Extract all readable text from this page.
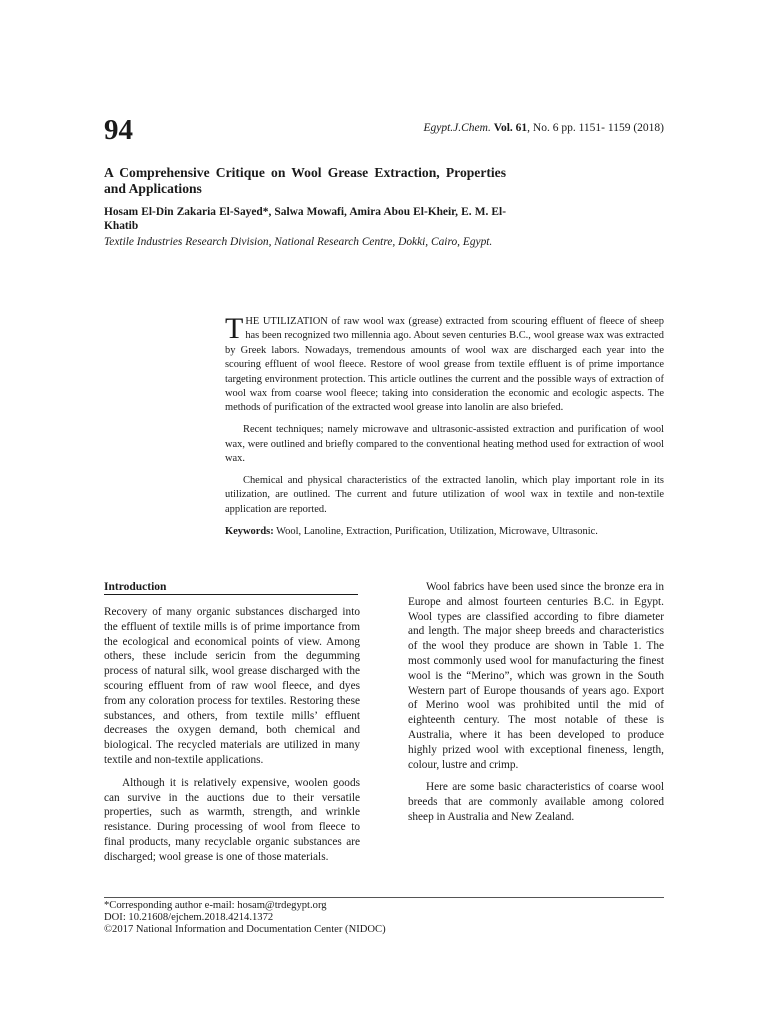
94	Egypt.J.Chem. Vol. 61, No. 6 pp. 1151- 1159 (2018)
A Comprehensive Critique on Wool Grease Extraction, Properties and Applications
Hosam El-Din Zakaria El-Sayed*, Salwa Mowafi, Amira Abou El-Kheir, E. M. El-Khatib
Textile Industries Research Division, National Research Centre, Dokki, Cairo, Egypt.

THE UTILIZATION of raw wool wax (grease) extracted from scouring effluent of fleece of sheep has been recognized two millennia ago. About seven centuries B.C., wool grease wax was extracted by Greek labors. Nowadays, tremendous amounts of wool wax are discharged each year into the scouring effluent of wool fleece. Restore of wool grease from textile effluent is of prime importance targeting environment protection. This article outlines the current and the possible ways of extraction of wool wax from coarse wool fleece; taking into consideration the economic and ecologic aspects. The methods of purification of the extracted wool grease into lanolin are also briefed.

Recent techniques; namely microwave and ultrasonic-assisted extraction and purification of wool wax, were outlined and briefly compared to the conventional heating method used for extraction of wool wax.

Chemical and physical characteristics of the extracted lanolin, which play important role in its utilization, are outlined. The current and future utilization of wool wax in textile and non-textile application are reported.

Keywords: Wool, Lanoline, Extraction, Purification, Utilization, Microwave, Ultrasonic.

Introduction

Recovery of many organic substances discharged into the effluent of textile mills is of prime importance from the ecological and economical points of view. Among others, these include sericin from the degumming process of natural silk, wool grease discharged with the scouring effluent from of raw wool fleece, and dyes from any coloration process for textiles. Restoring these substances, and others, from textile mills’ effluent decreases the oxygen demand, both chemical and biological. The recycled materials are utilized in many textile and non-textile applications.

Although it is relatively expensive, woolen goods can survive in the auctions due to their versatile properties, such as warmth, strength, and wrinkle resistance. During processing of wool from fleece to final products, many recyclable organic substances are discharged; wool grease is one of those materials.

Wool fabrics have been used since the bronze era in Europe and almost fourteen centuries B.C. in Egypt. Wool types are classified according to fibre diameter and length. The major sheep breeds and characteristics of the wool they produce are shown in Table 1. The most commonly used wool for manufacturing the finest wool is the “Merino”, which was grown in the South Western part of Europe thousands of years ago. Export of Merino wool was prohibited until the mid of eighteenth century. The most notable of these is Australia, where it has been developed to produce highly prized wool with exceptional fineness, length, colour, lustre and crimp.

Here are some basic characteristics of coarse wool breeds that are commonly available among colored sheep in Australia and New Zealand.

*Corresponding author e-mail: hosam@trdegypt.org
DOI: 10.21608/ejchem.2018.4214.1372
©2017 National Information and Documentation Center (NIDOC)
